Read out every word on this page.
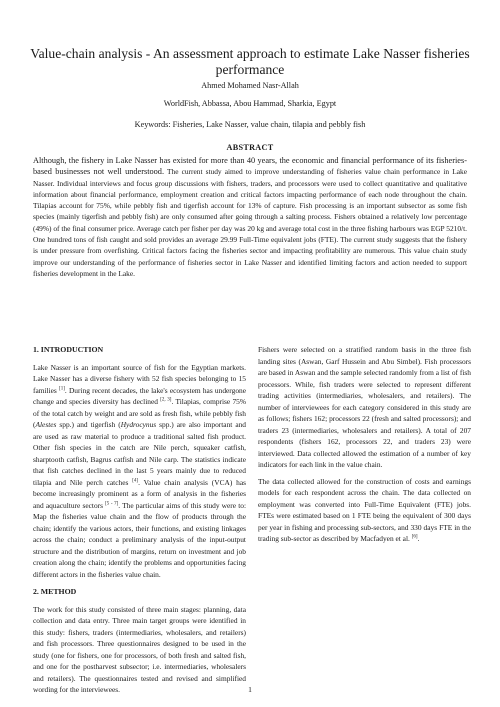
Value-chain analysis - An assessment approach to estimate Lake Nasser fisheries performance
Ahmed Mohamed Nasr-Allah
WorldFish, Abbassa, Abou Hammad, Sharkia, Egypt
Keywords: Fisheries, Lake Nasser, value chain, tilapia and pebbly fish
ABSTRACT
Although, the fishery in Lake Nasser has existed for more than 40 years, the economic and financial performance of its fisheries-based businesses not well understood. The current study aimed to improve understanding of fisheries value chain performance in Lake Nasser. Individual interviews and focus group discussions with fishers, traders, and processors were used to collect quantitative and qualitative information about financial performance, employment creation and critical factors impacting performance of each node throughout the chain. Tilapias account for 75%, while pebbly fish and tigerfish account for 13% of capture. Fish processing is an important subsector as some fish species (mainly tigerfish and pebbly fish) are only consumed after going through a salting process. Fishers obtained a relatively low percentage (49%) of the final consumer price. Average catch per fisher per day was 20 kg and average total cost in the three fishing harbours was EGP 5210/t. One hundred tons of fish caught and sold provides an average 29.99 Full-Time equivalent jobs (FTE). The current study suggests that the fishery is under pressure from overfishing. Critical factors facing the fisheries sector and impacting profitability are numerous. This value chain study improve our understanding of the performance of fisheries sector in Lake Nasser and identified limiting factors and action needed to support fisheries development in the Lake.
1. INTRODUCTION

Lake Nasser is an important source of fish for the Egyptian markets. Lake Nasser has a diverse fishery with 52 fish species belonging to 15 families [1]. During recent decades, the lake's ecosystem has undergone change and species diversity has declined [2, 3]. Tilapias, comprise 75% of the total catch by weight and are sold as fresh fish, while pebbly fish (Alestes spp.) and tigerfish (Hydrocynus spp.) are also important and are used as raw material to produce a traditional salted fish product. Other fish species in the catch are Nile perch, squeaker catfish, sharptooth catfish, Bagrus catfish and Nile carp. The statistics indicate that fish catches declined in the last 5 years mainly due to reduced tilapia and Nile perch catches [4]. Value chain analysis (VCA) has become increasingly prominent as a form of analysis in the fisheries and aquaculture sectors [5 - 7]. The particular aims of this study were to: Map the fisheries value chain and the flow of products through the chain; identify the various actors, their functions, and existing linkages across the chain; conduct a preliminary analysis of the input-output structure and the distribution of margins, return on investment and job creation along the chain; identify the problems and opportunities facing different actors in the fisheries value chain.

2. METHOD

The work for this study consisted of three main stages: planning, data collection and data entry. Three main target groups were identified in this study: fishers, traders (intermediaries, wholesalers, and retailers) and fish processors. Three questionnaires designed to be used in the study (one for fishers, one for processors, of both fresh and salted fish, and one for the postharvest subsector; i.e. intermediaries, wholesalers and retailers). The questionnaires tested and revised and simplified wording for the interviewees.

Fishers were selected on a stratified random basis in the three fish landing sites (Aswan, Garf Hussein and Abu Simbel). Fish processors are based in Aswan and the sample selected randomly from a list of fish processors. While, fish traders were selected to represent different trading activities (intermediaries, wholesalers, and retailers). The number of interviewees for each category considered in this study are as follows; fishers 162; processors 22 (fresh and salted processors); and traders 23 (intermediaries, wholesalers and retailers). A total of 207 respondents (fishers 162, processors 22, and traders 23) were interviewed. Data collected allowed the estimation of a number of key indicators for each link in the value chain.

The data collected allowed for the construction of costs and earnings models for each respondent across the chain. The data collected on employment was converted into Full-Time Equivalent (FTE) jobs. FTEs were estimated based on 1 FTE being the equivalent of 300 days per year in fishing and processing sub-sectors, and 330 days FTE in the trading sub-sector as described by Macfadyen et al. [6].

1
